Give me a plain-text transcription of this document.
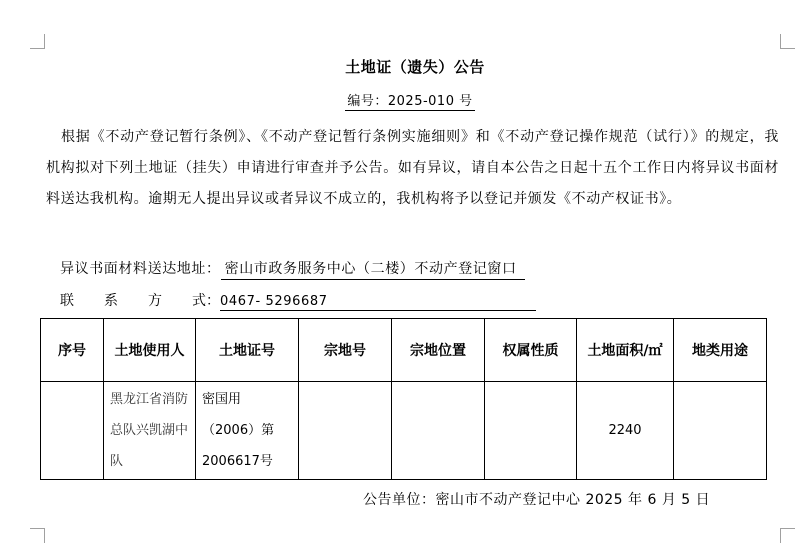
土地证（遗失）公告
编号：2025-010 号
根据《不动产登记暂行条例》、《不动产登记暂行条例实施细则》和《不动产登记操作规范（试行）》的规定，我机构拟对下列土地证（挂失）申请进行审查并予公告。如有异议，请自本公告之日起十五个工作日内将异议书面材料送达我机构。逾期无人提出异议或者异议不成立的，我机构将予以登记并颁发《不动产权证书》。
异议书面材料送达地址： 密山市政务服务中心（二楼）不动产登记窗口
联 系 方 式：0467- 5296687
序号	土地使用人	土地证号	宗地号	宗地位置	权属性质	土地面积/㎡	地类用途
	黑龙江省消防总队兴凯湖中队	密国用（2006）第2006617号				2240	
公告单位：密山市不动产登记中心 2025 年 6 月 5 日
